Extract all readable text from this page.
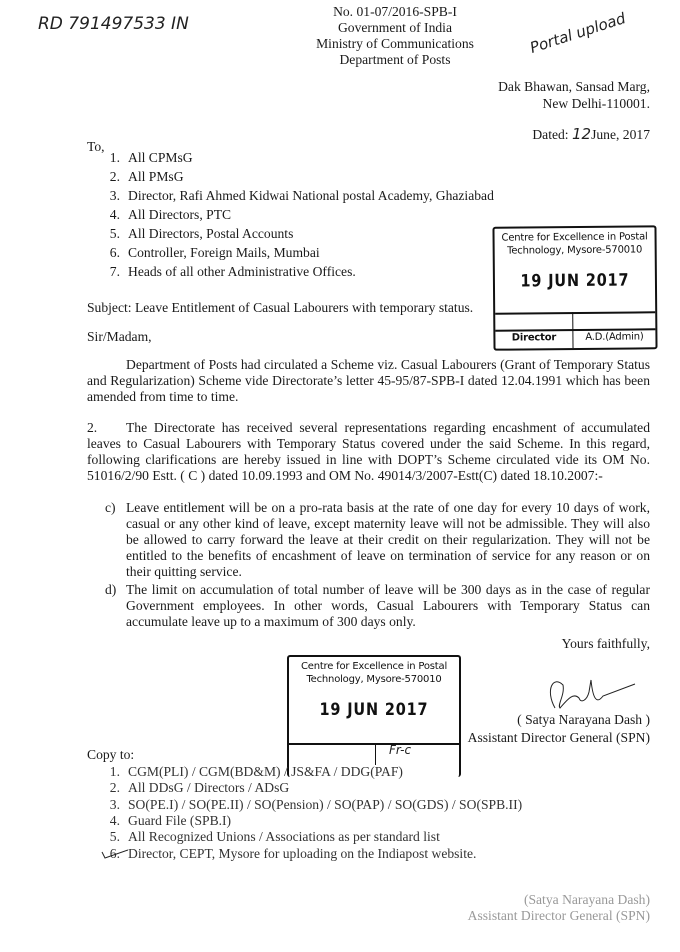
RD 791497533 IN	Portal upload
No. 01-07/2016-SPB-I
Government of India
Ministry of Communications
Department of Posts
Dak Bhawan, Sansad Marg,
New Delhi-110001.
Dated: 12June, 2017
To,
1. All CPMsG
2. All PMsG
3. Director, Rafi Ahmed Kidwai National postal Academy, Ghaziabad
4. All Directors, PTC
5. All Directors, Postal Accounts
6. Controller, Foreign Mails, Mumbai
7. Heads of all other Administrative Offices.
Centre for Excellence in Postal
Technology, Mysore-570010
19 JUN 2017
Director	A.D.(Admin)
Subject: Leave Entitlement of Casual Labourers with temporary status.
Sir/Madam,
Department of Posts had circulated a Scheme viz. Casual Labourers (Grant of Temporary Status and Regularization) Scheme vide Directorate’s letter 45-95/87-SPB-I dated 12.04.1991 which has been amended from time to time.
2. The Directorate has received several representations regarding encashment of accumulated leaves to Casual Labourers with Temporary Status covered under the said Scheme. In this regard, following clarifications are hereby issued in line with DOPT’s Scheme circulated vide its OM No. 51016/2/90 Estt. ( C ) dated 10.09.1993 and OM No. 49014/3/2007-Estt(C) dated 18.10.2007:-
c) Leave entitlement will be on a pro-rata basis at the rate of one day for every 10 days of work, casual or any other kind of leave, except maternity leave will not be admissible. They will also be allowed to carry forward the leave at their credit on their regularization. They will not be entitled to the benefits of encashment of leave on termination of service for any reason or on their quitting service.
d) The limit on accumulation of total number of leave will be 300 days as in the case of regular Government employees. In other words, Casual Labourers with Temporary Status can accumulate leave up to a maximum of 300 days only.
Yours faithfully,
Centre for Excellence in Postal
Technology, Mysore-570010
19 JUN 2017
Fr-c
( Satya Narayana Dash )
Assistant Director General (SPN)
Copy to:
1. CGM(PLI) / CGM(BD&M) / JS&FA / DDG(PAF)
2. All DDsG / Directors / ADsG
3. SO(PE.I) / SO(PE.II) / SO(Pension) / SO(PAP) / SO(GDS) / SO(SPB.II)
4. Guard File (SPB.I)
5. All Recognized Unions / Associations as per standard list
6. Director, CEPT, Mysore for uploading on the Indiapost website.
(Satya Narayana Dash)
Assistant Director General (SPN)
